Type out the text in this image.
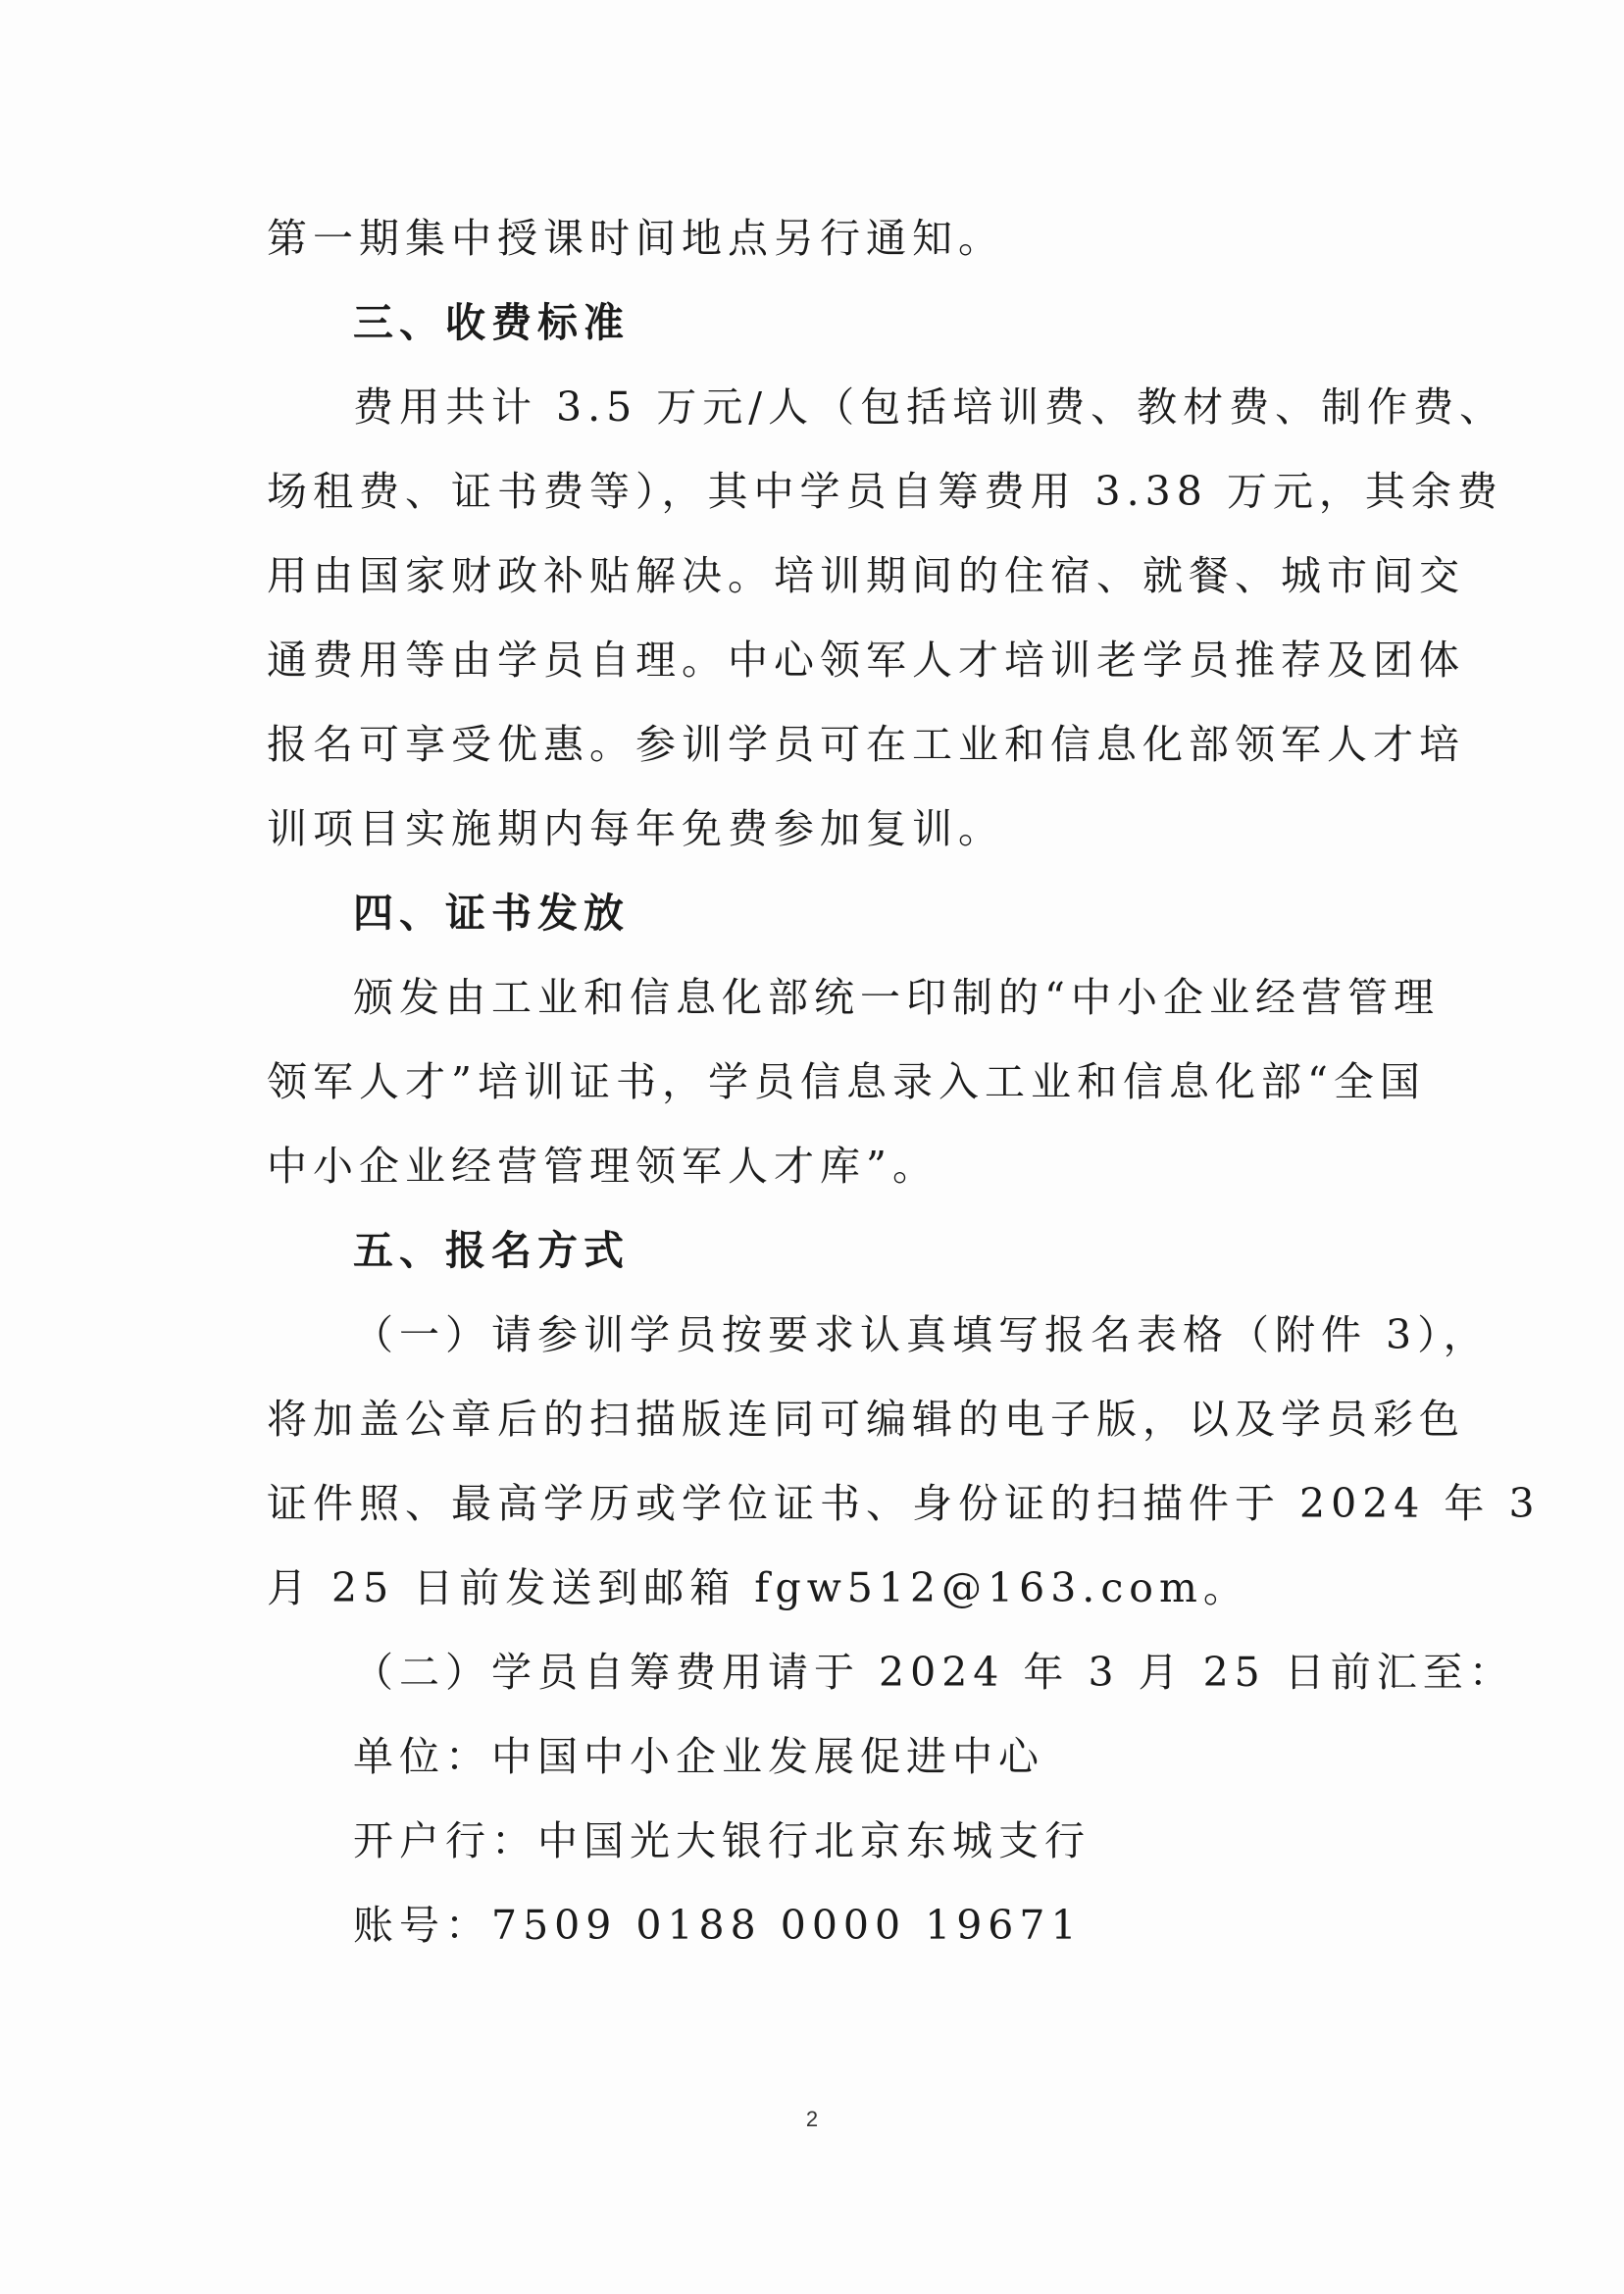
第一期集中授课时间地点另行通知。
三、收费标准
费用共计 3.5 万元/人（包括培训费、教材费、制作费、
场租费、证书费等），其中学员自筹费用 3.38 万元，其余费
用由国家财政补贴解决。培训期间的住宿、就餐、城市间交
通费用等由学员自理。中心领军人才培训老学员推荐及团体
报名可享受优惠。参训学员可在工业和信息化部领军人才培
训项目实施期内每年免费参加复训。
四、证书发放
颁发由工业和信息化部统一印制的“中小企业经营管理
领军人才”培训证书，学员信息录入工业和信息化部“全国
中小企业经营管理领军人才库”。
五、报名方式
（一）请参训学员按要求认真填写报名表格（附件 3），
将加盖公章后的扫描版连同可编辑的电子版，以及学员彩色
证件照、最高学历或学位证书、身份证的扫描件于 2024 年 3
月 25 日前发送到邮箱 fgw512@163.com。
（二）学员自筹费用请于 2024 年 3 月 25 日前汇至：
单位：中国中小企业发展促进中心
开户行：中国光大银行北京东城支行
账号：7509 0188 0000 19671
2
